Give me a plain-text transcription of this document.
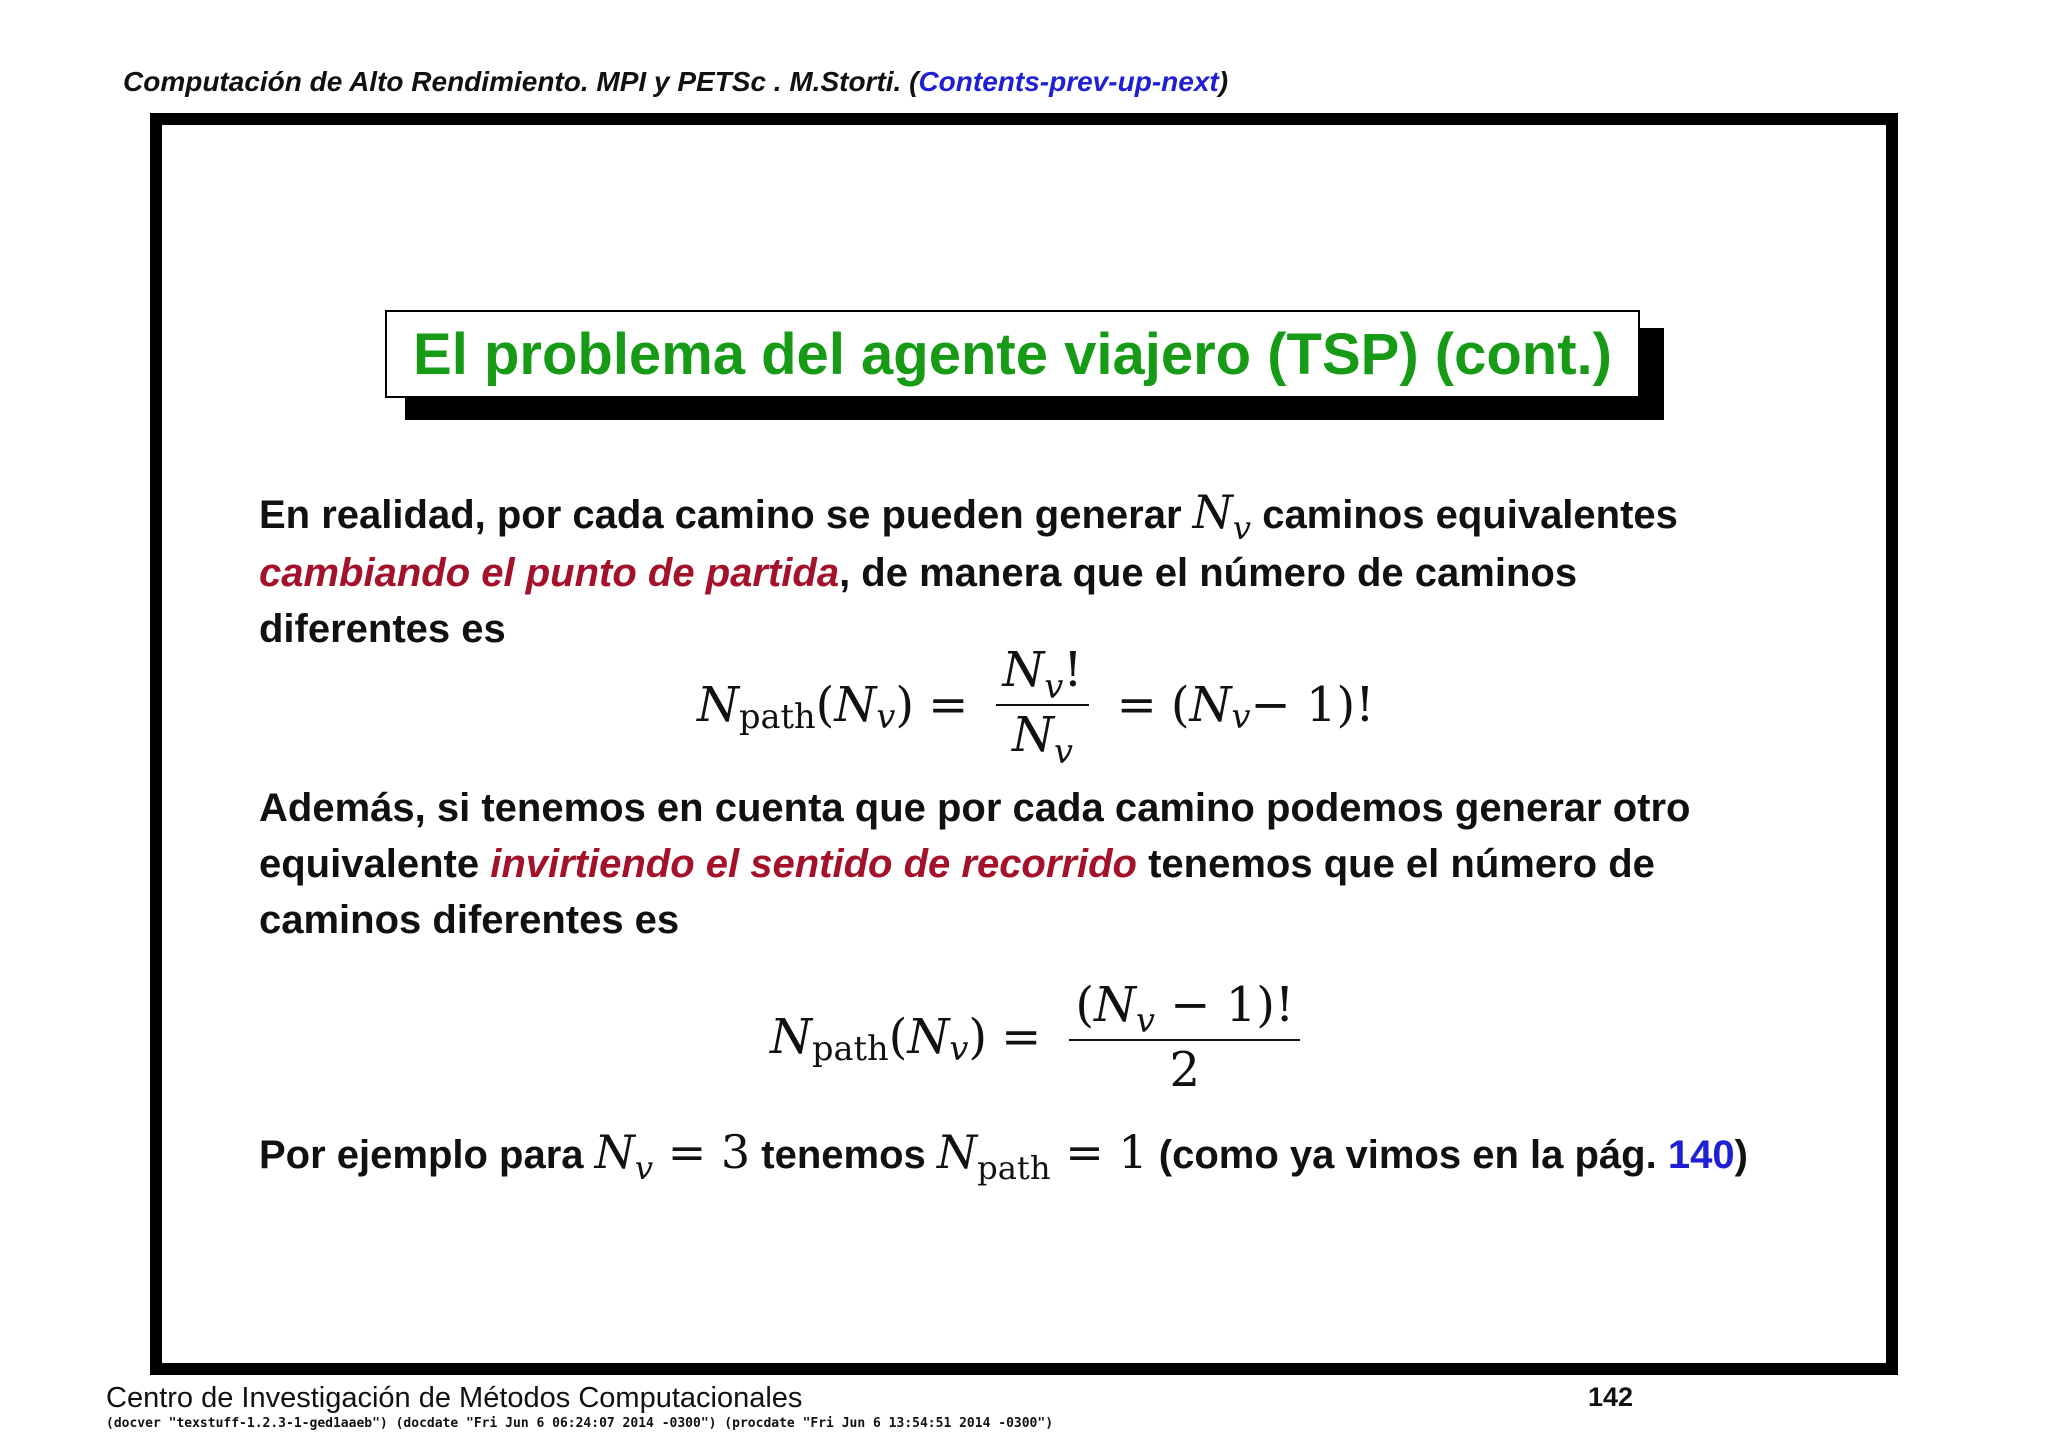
Computación de Alto Rendimiento. MPI y PETSc . M.Storti. (Contents-prev-up-next)
El problema del agente viajero (TSP) (cont.)
En realidad, por cada camino se pueden generar $N_v$ caminos equivalentes cambiando el punto de partida, de manera que el número de caminos diferentes es
N path ( N v ) = $\frac{N_v!}{N_v}$ = ( N v − 1)!
Además, si tenemos en cuenta que por cada camino podemos generar otro equivalente invirtiendo el sentido de recorrido tenemos que el número de caminos diferentes es
N path ( N v ) = $\frac{(N_v - 1)!}{2}$
Por ejemplo para $N_v = 3$ tenemos $N_{path} = 1$ (como ya vimos en la pág. 140)
Centro de Investigación de Métodos Computacionales	142
(docver "texstuff-1.2.3-1-ged1aaeb") (docdate "Fri Jun 6 06:24:07 2014 -0300") (procdate "Fri Jun 6 13:54:51 2014 -0300")
